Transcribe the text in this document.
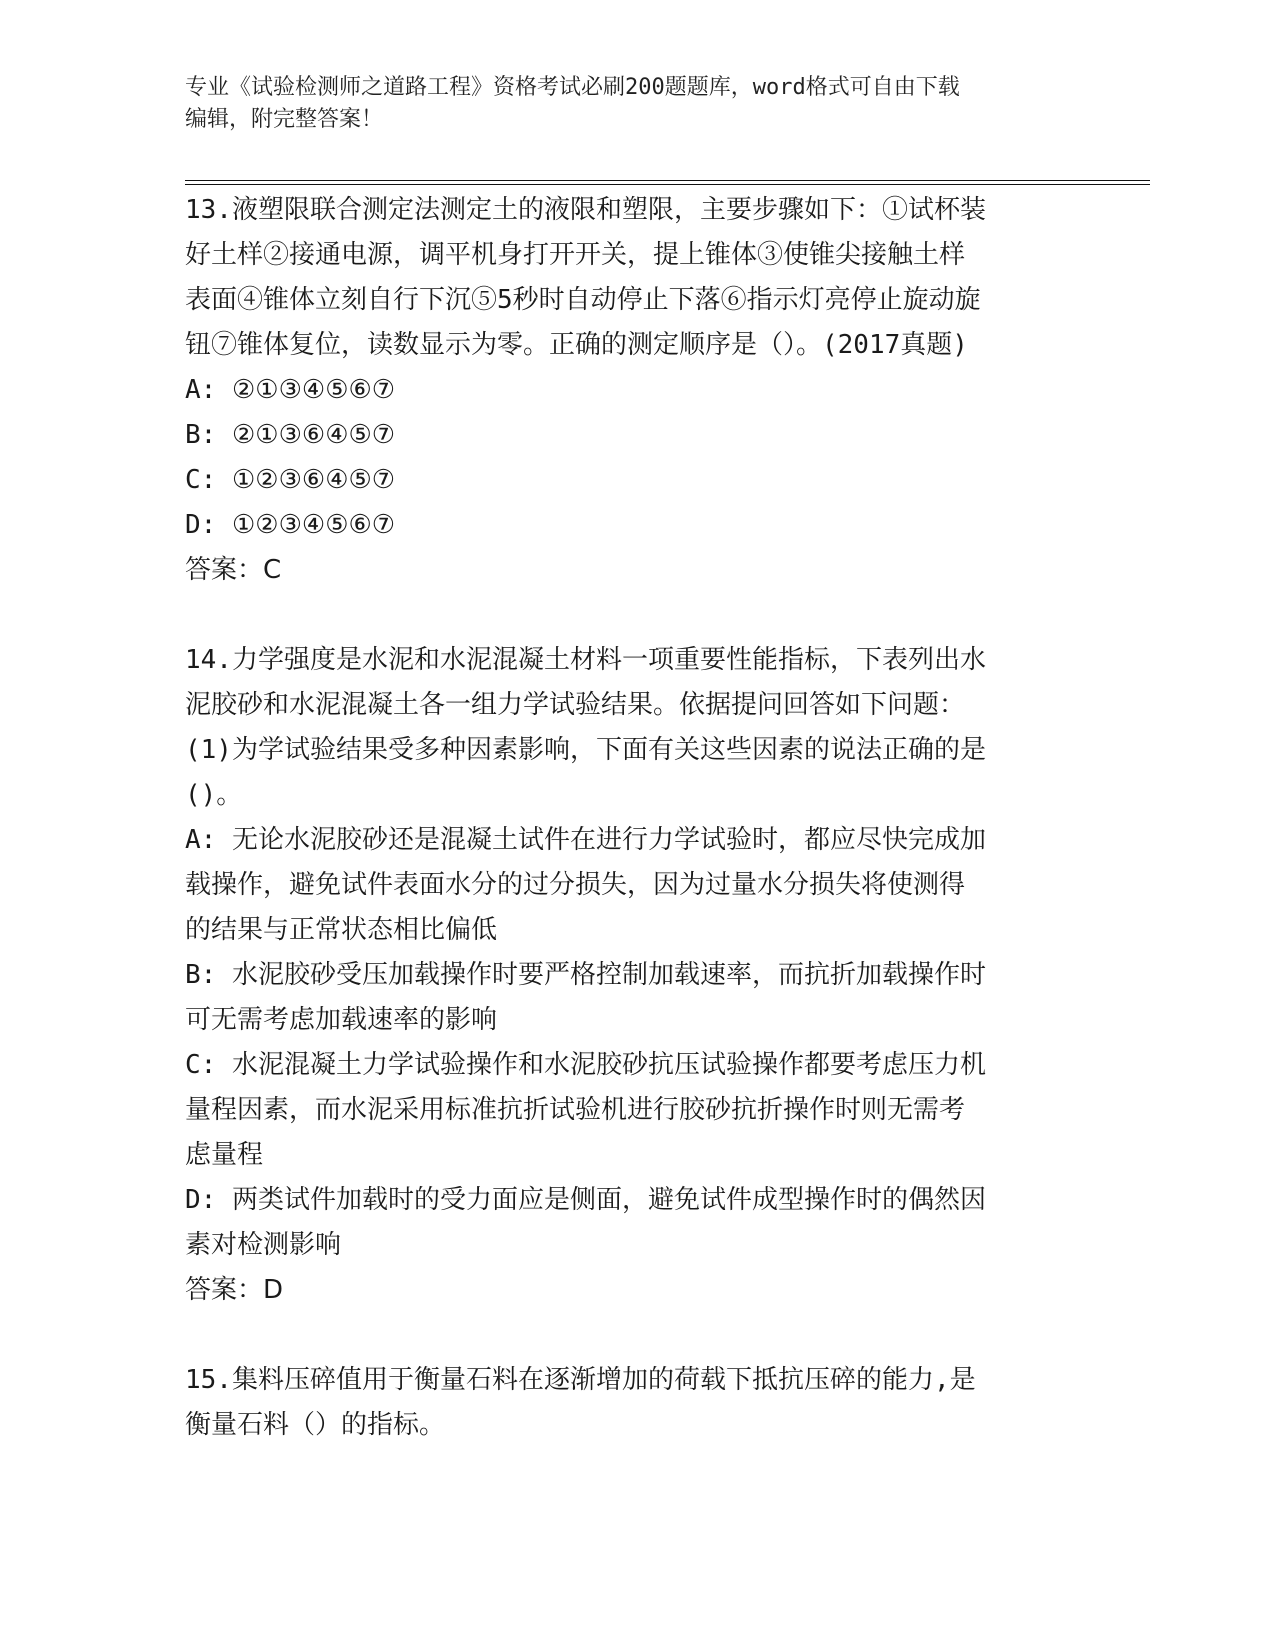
专业《试验检测师之道路工程》资格考试必刷200题题库，word格式可自由下载
编辑，附完整答案！
13.液塑限联合测定法测定土的液限和塑限，主要步骤如下：①试杯装
好土样②接通电源，调平机身打开开关，提上锥体③使锥尖接触土样
表面④锥体立刻自行下沉⑤5秒时自动停止下落⑥指示灯亮停止旋动旋
钮⑦锥体复位，读数显示为零。正确的测定顺序是（）。(2017真题)
A: ②①③④⑤⑥⑦
B: ②①③⑥④⑤⑦
C: ①②③⑥④⑤⑦
D: ①②③④⑤⑥⑦
答案：C
14.力学强度是水泥和水泥混凝土材料一项重要性能指标，下表列出水
泥胶砂和水泥混凝土各一组力学试验结果。依据提问回答如下问题：
(1)为学试验结果受多种因素影响，下面有关这些因素的说法正确的是
()。
A: 无论水泥胶砂还是混凝土试件在进行力学试验时，都应尽快完成加
载操作，避免试件表面水分的过分损失，因为过量水分损失将使测得
的结果与正常状态相比偏低
B: 水泥胶砂受压加载操作时要严格控制加载速率，而抗折加载操作时
可无需考虑加载速率的影响
C: 水泥混凝土力学试验操作和水泥胶砂抗压试验操作都要考虑压力机
量程因素，而水泥采用标准抗折试验机进行胶砂抗折操作时则无需考
虑量程
D: 两类试件加载时的受力面应是侧面，避免试件成型操作时的偶然因
素对检测影响
答案：D
15.集料压碎值用于衡量石料在逐渐增加的荷载下抵抗压碎的能力,是
衡量石料（）的指标。
